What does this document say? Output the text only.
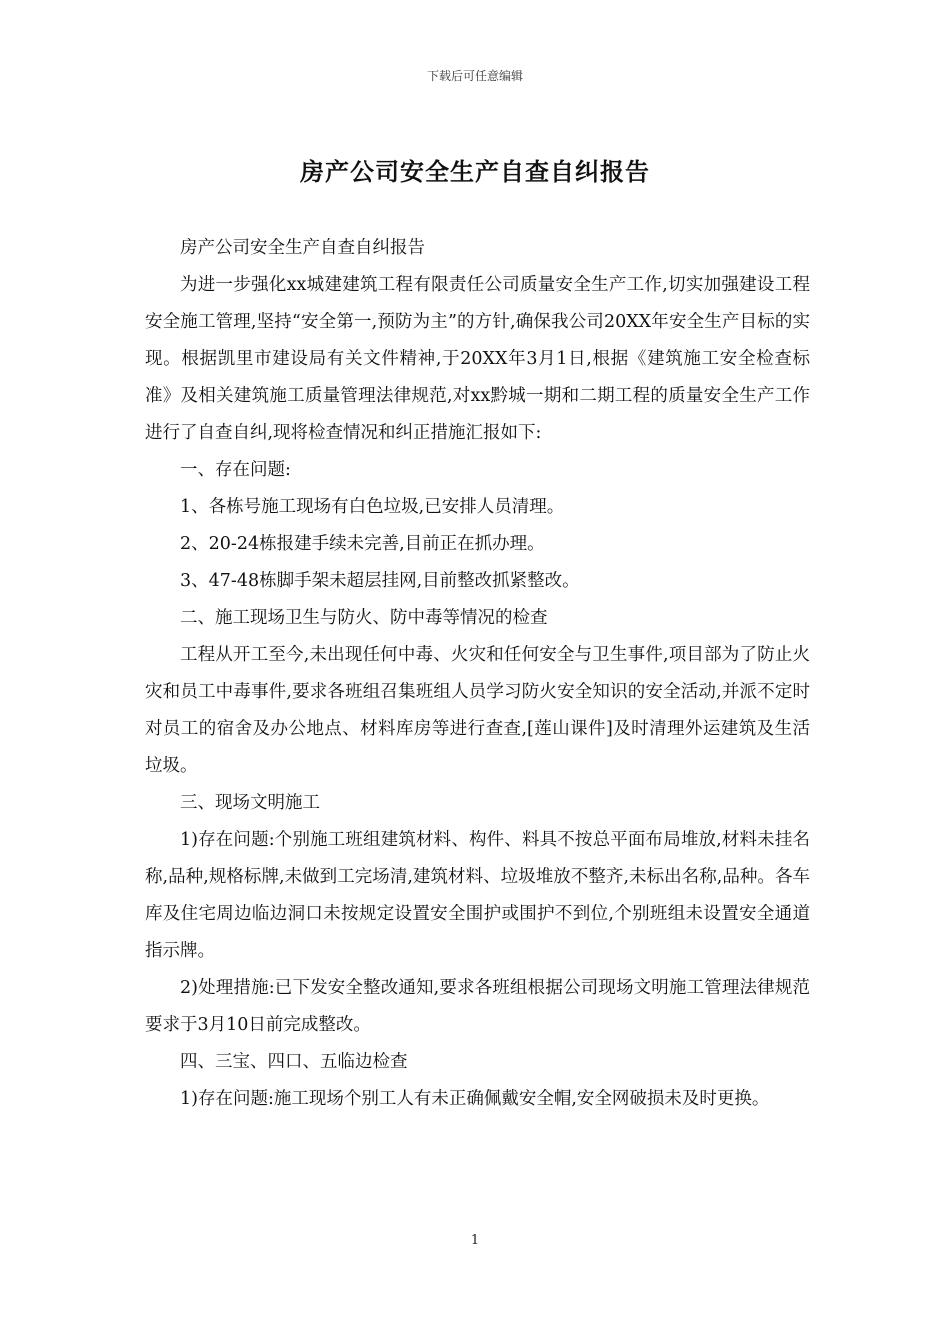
下载后可任意编辑
房产公司安全生产自查自纠报告

房产公司安全生产自查自纠报告

为进一步强化xx城建建筑工程有限责任公司质量安全生产工作,切实加强建设工程安全施工管理,坚持“安全第一,预防为主”的方针,确保我公司20XX年安全生产目标的实现。根据凯里市建设局有关文件精神,于20XX年3月1日,根据《建筑施工安全检查标准》及相关建筑施工质量管理法律规范,对xx黔城一期和二期工程的质量安全生产工作进行了自查自纠,现将检查情况和纠正措施汇报如下:

一、存在问题:

1、各栋号施工现场有白色垃圾,已安排人员清理。

2、20-24栋报建手续未完善,目前正在抓办理。

3、47-48栋脚手架未超层挂网,目前整改抓紧整改。

二、施工现场卫生与防火、防中毒等情况的检查

工程从开工至今,未出现任何中毒、火灾和任何安全与卫生事件,项目部为了防止火灾和员工中毒事件,要求各班组召集班组人员学习防火安全知识的安全活动,并派不定时对员工的宿舍及办公地点、材料库房等进行查查,[莲山课件]及时清理外运建筑及生活垃圾。

三、现场文明施工

1)存在问题:个别施工班组建筑材料、构件、料具不按总平面布局堆放,材料未挂名称,品种,规格标牌,未做到工完场清,建筑材料、垃圾堆放不整齐,未标出名称,品种。各车库及住宅周边临边洞口未按规定设置安全围护或围护不到位,个别班组未设置安全通道指示牌。

2)处理措施:已下发安全整改通知,要求各班组根据公司现场文明施工管理法律规范要求于3月10日前完成整改。

四、三宝、四口、五临边检查

1)存在问题:施工现场个别工人有未正确佩戴安全帽,安全网破损未及时更换。

1
